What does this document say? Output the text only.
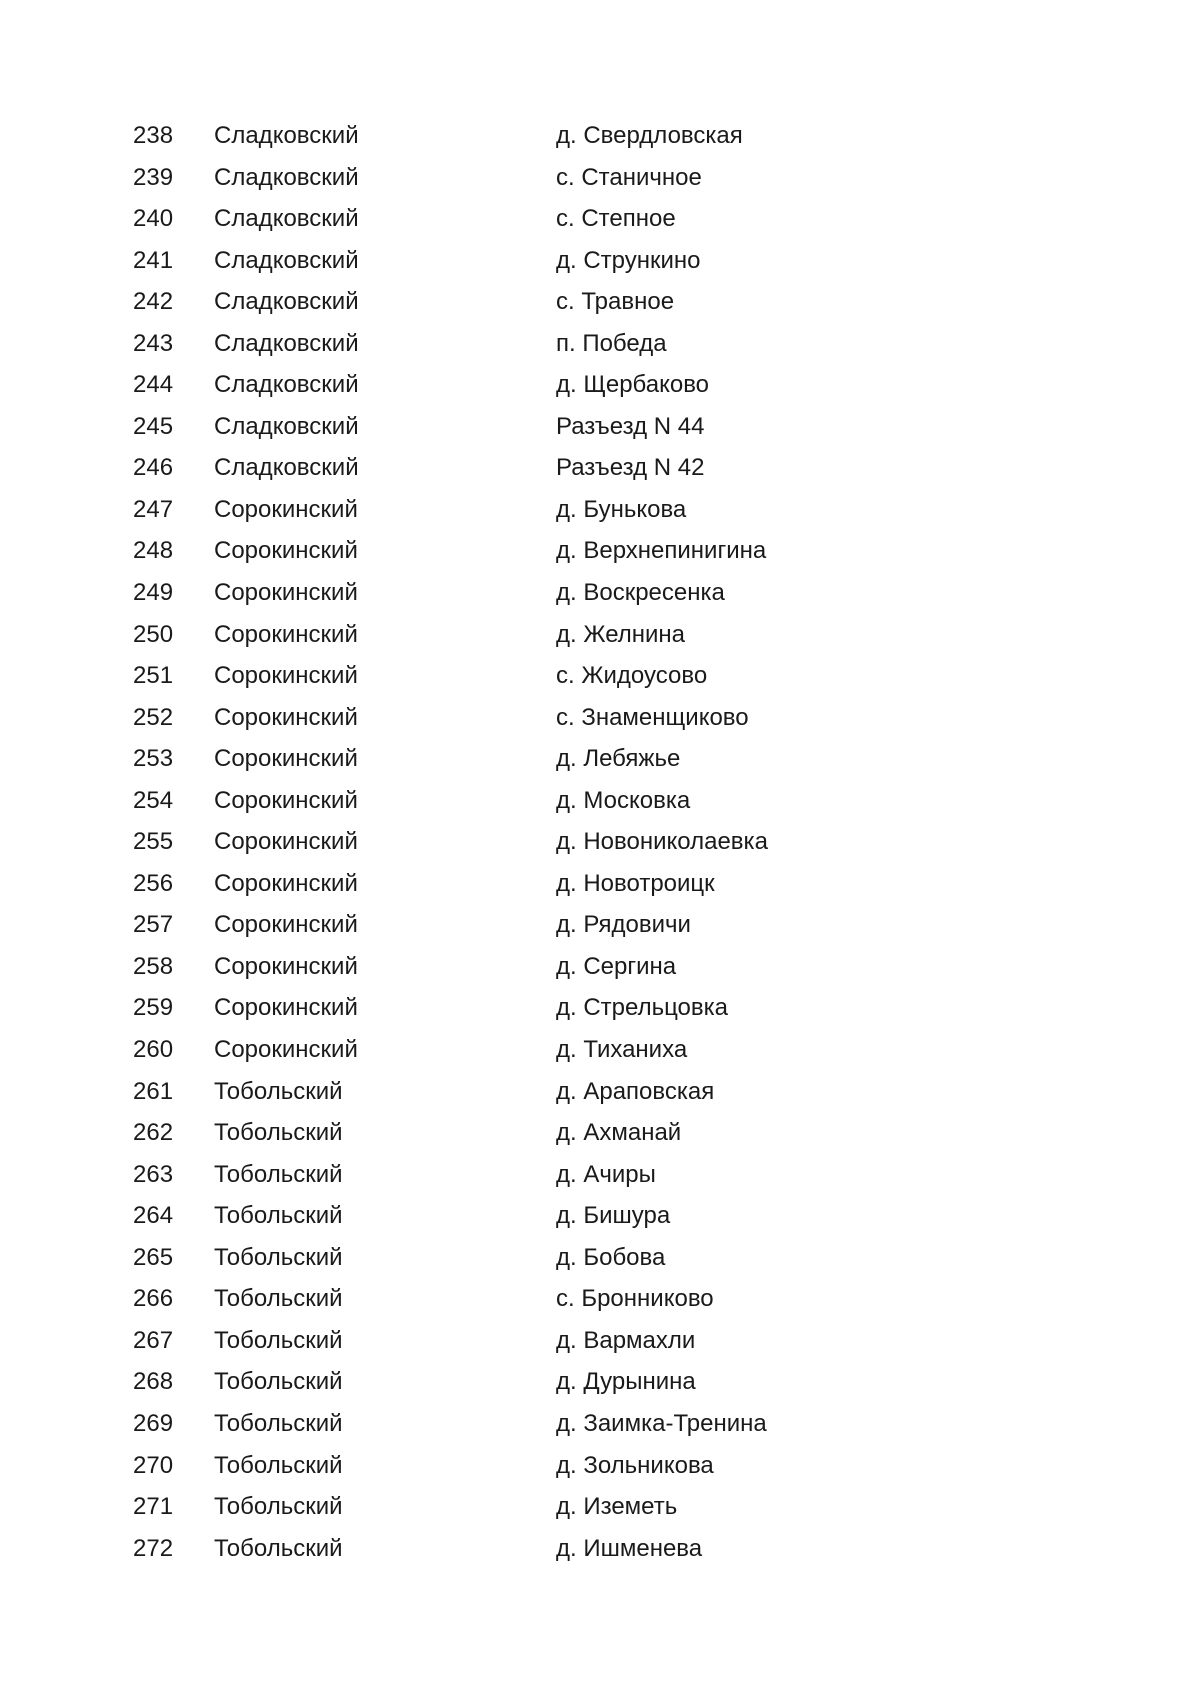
238 Сладковский	д. Свердловская
239 Сладковский	с. Станичное
240 Сладковский	с. Степное
241 Сладковский	д. Стрункино
242 Сладковский	с. Травное
243 Сладковский	п. Победа
244 Сладковский	д. Щербаково
245 Сладковский	Разъезд N 44
246 Сладковский	Разъезд N 42
247 Сорокинский	д. Бунькова
248 Сорокинский	д. Верхнепинигина
249 Сорокинский	д. Воскресенка
250 Сорокинский	д. Желнина
251 Сорокинский	с. Жидоусово
252 Сорокинский	с. Знаменщиково
253 Сорокинский	д. Лебяжье
254 Сорокинский	д. Московка
255 Сорокинский	д. Новониколаевка
256 Сорокинский	д. Новотроицк
257 Сорокинский	д. Рядовичи
258 Сорокинский	д. Сергина
259 Сорокинский	д. Стрельцовка
260 Сорокинский	д. Тиханиха
261 Тобольский	д. Араповская
262 Тобольский	д. Ахманай
263 Тобольский	д. Ачиры
264 Тобольский	д. Бишура
265 Тобольский	д. Бобова
266 Тобольский	с. Бронниково
267 Тобольский	д. Вармахли
268 Тобольский	д. Дурынина
269 Тобольский	д. Заимка-Тренина
270 Тобольский	д. Зольникова
271 Тобольский	д. Иземеть
272 Тобольский	д. Ишменева
